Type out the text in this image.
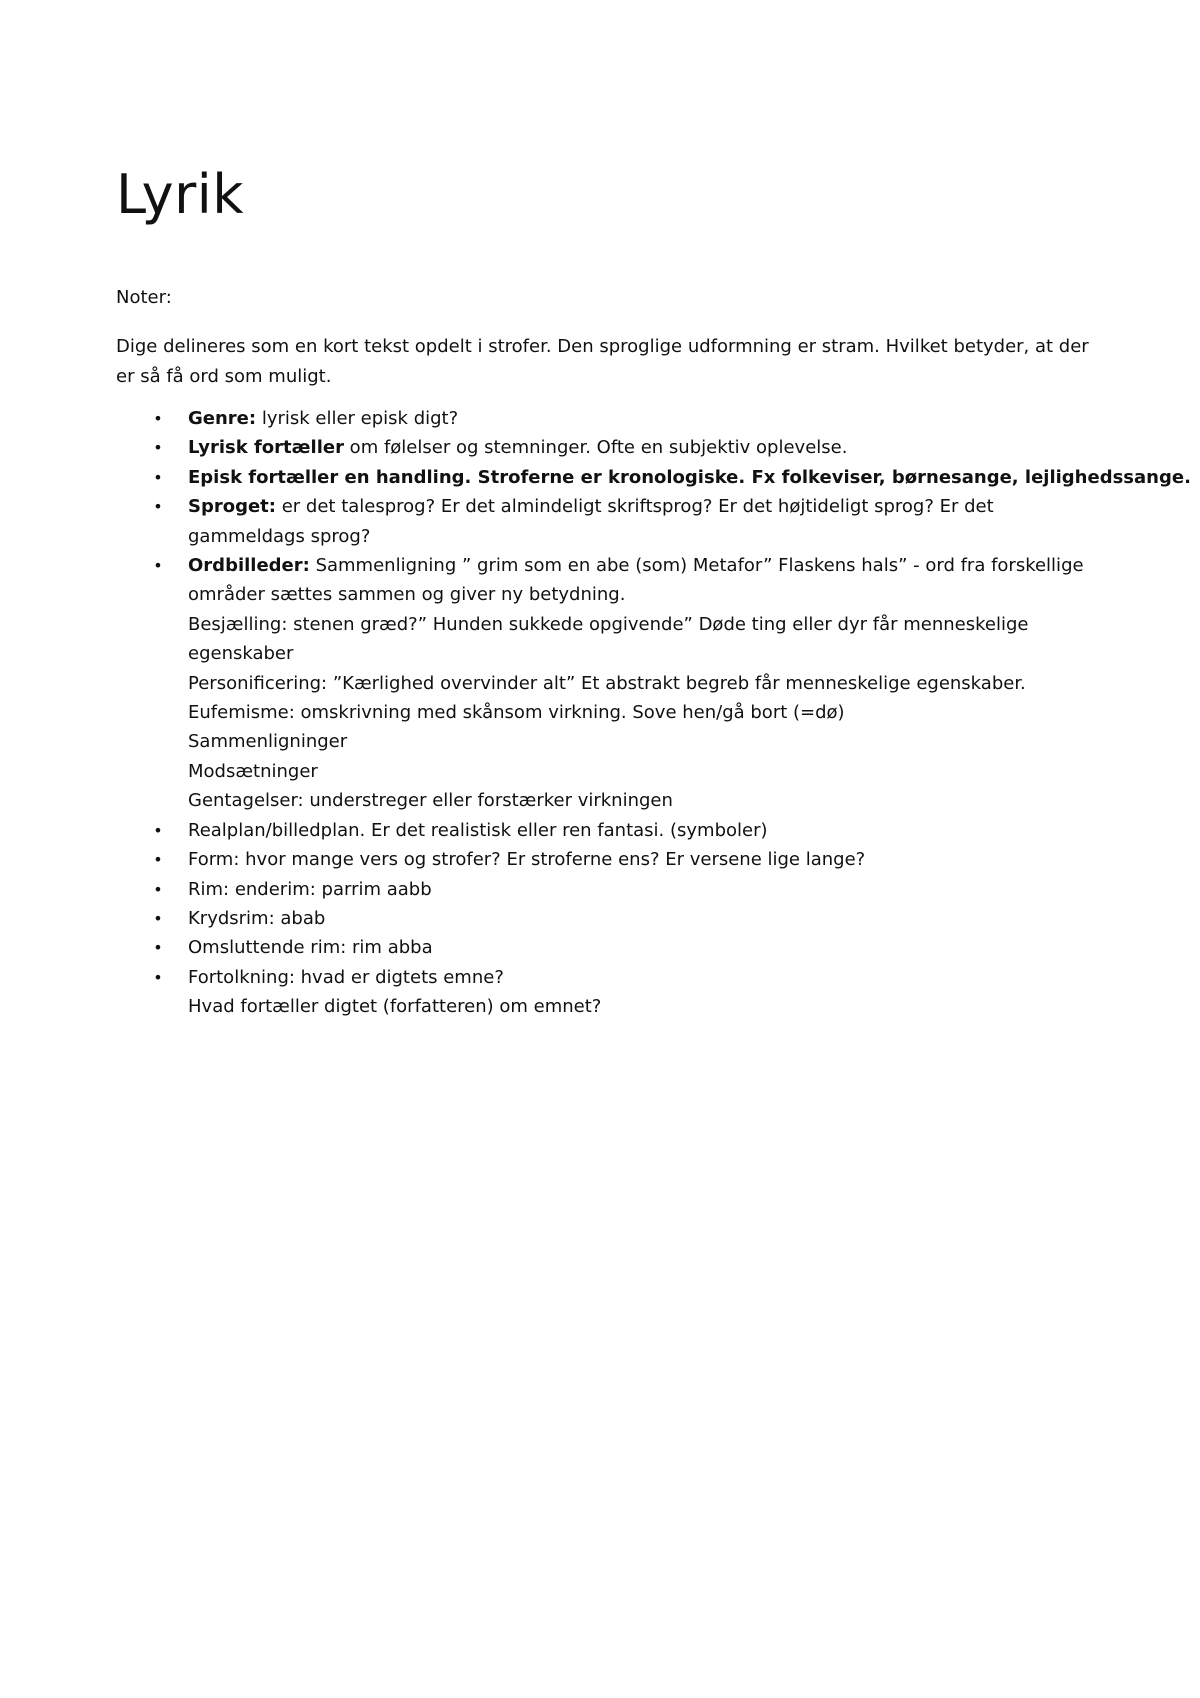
Lyrik

Noter:

Dige delineres som en kort tekst opdelt i strofer. Den sproglige udformning er stram. Hvilket betyder, at der
er så få ord som muligt.
• Genre: lyrisk eller episk digt?
• Lyrisk fortæller om følelser og stemninger. Ofte en subjektiv oplevelse.
• Episk fortæller en handling. Stroferne er kronologiske. Fx folkeviser, børnesange, lejlighedssange.
• Sproget: er det talesprog? Er det almindeligt skriftsprog? Er det højtideligt sprog? Er det
gammeldags sprog?
• Ordbilleder: Sammenligning ” grim som en abe (som) Metafor” Flaskens hals” - ord fra forskellige
områder sættes sammen og giver ny betydning.
Besjælling: stenen græd?” Hunden sukkede opgivende” Døde ting eller dyr får menneskelige
egenskaber
Personificering: ”Kærlighed overvinder alt” Et abstrakt begreb får menneskelige egenskaber.
Eufemisme: omskrivning med skånsom virkning. Sove hen/gå bort (=dø)
Sammenligninger
Modsætninger
Gentagelser: understreger eller forstærker virkningen
• Realplan/billedplan. Er det realistisk eller ren fantasi. (symboler)
• Form: hvor mange vers og strofer? Er stroferne ens? Er versene lige lange?
• Rim: enderim: parrim aabb
• Krydsrim: abab
• Omsluttende rim: rim abba
• Fortolkning: hvad er digtets emne?
Hvad fortæller digtet (forfatteren) om emnet?
